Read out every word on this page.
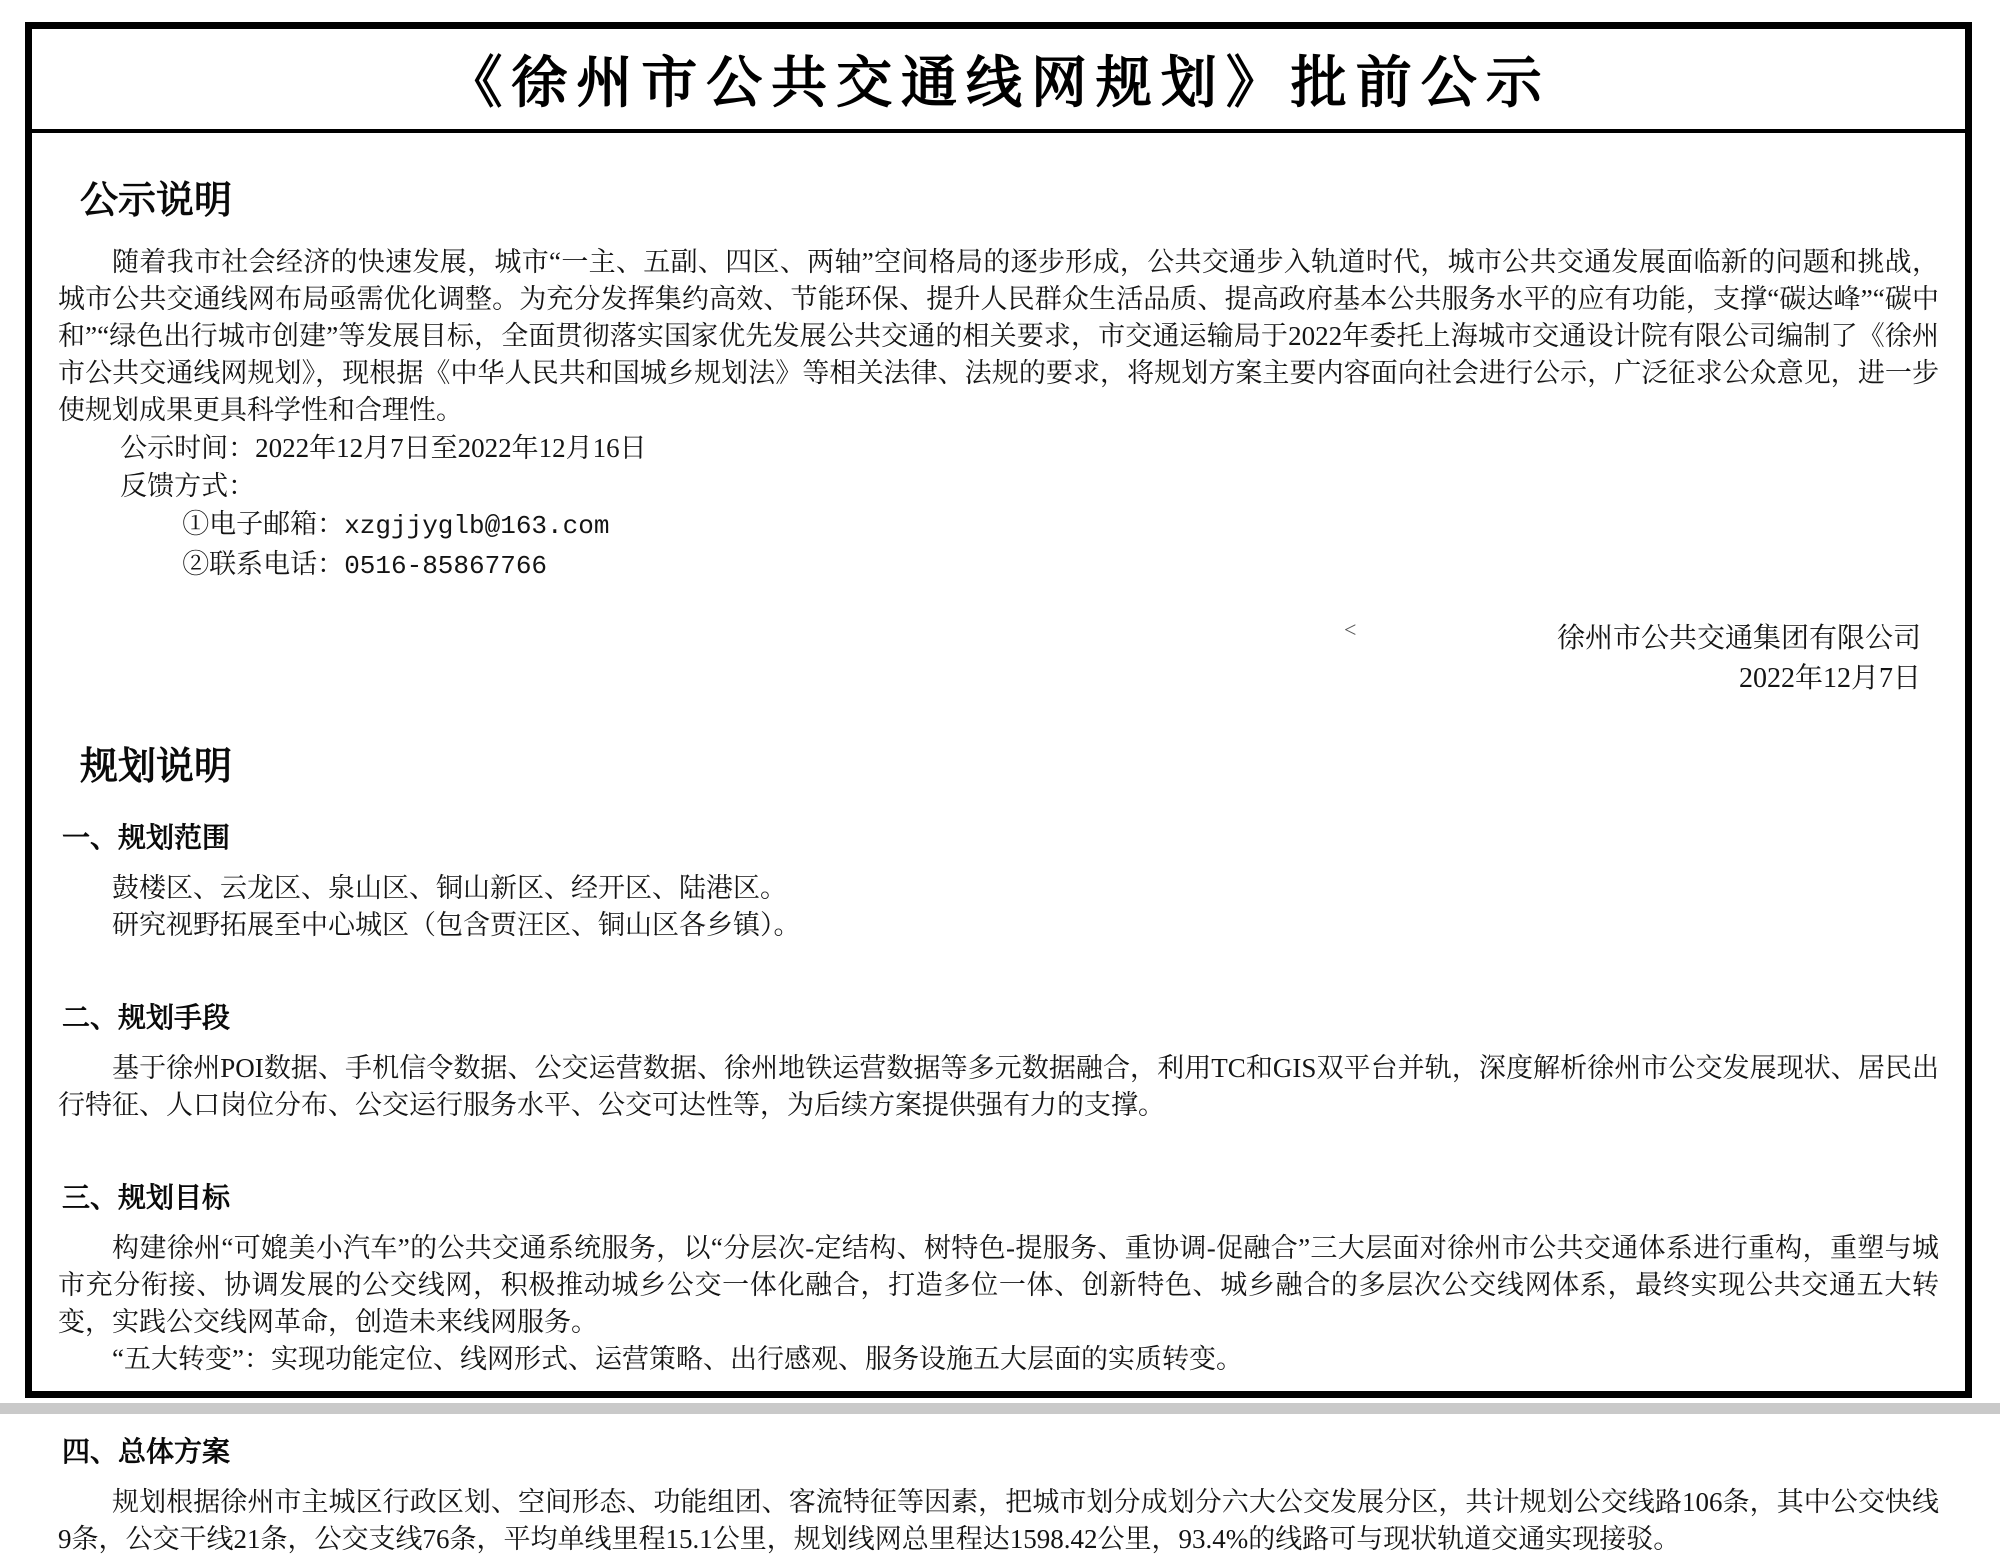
《徐州市公共交通线网规划》批前公示
公示说明

随着我市社会经济的快速发展，城市“一主、五副、四区、两轴”空间格局的逐步形成，公共交通步入轨道时代，城市公共交通发展面临新的问题和挑战，城市公共交通线网布局亟需优化调整。为充分发挥集约高效、节能环保、提升人民群众生活品质、提高政府基本公共服务水平的应有功能，支撑“碳达峰”“碳中和”“绿色出行城市创建”等发展目标，全面贯彻落实国家优先发展公共交通的相关要求，市交通运输局于2022年委托上海城市交通设计院有限公司编制了《徐州市公共交通线网规划》，现根据《中华人民共和国城乡规划法》等相关法律、法规的要求，将规划方案主要内容面向社会进行公示，广泛征求公众意见，进一步使规划成果更具科学性和合理性。

公示时间：2022年12月7日至2022年12月16日

反馈方式：

①电子邮箱：xzgjjyglb@163.com

②联系电话：0516-85867766

<	徐州市公共交通集团有限公司

2022年12月7日

规划说明
一、规划范围

鼓楼区、云龙区、泉山区、铜山新区、经开区、陆港区。

研究视野拓展至中心城区（包含贾汪区、铜山区各乡镇）。

二、规划手段

基于徐州POI数据、手机信令数据、公交运营数据、徐州地铁运营数据等多元数据融合，利用TC和GIS双平台并轨，深度解析徐州市公交发展现状、居民出行特征、人口岗位分布、公交运行服务水平、公交可达性等，为后续方案提供强有力的支撑。

三、规划目标

构建徐州“可媲美小汽车”的公共交通系统服务，以“分层次-定结构、树特色-提服务、重协调-促融合”三大层面对徐州市公共交通体系进行重构，重塑与城市充分衔接、协调发展的公交线网，积极推动城乡公交一体化融合，打造多位一体、创新特色、城乡融合的多层次公交线网体系，最终实现公共交通五大转变，实践公交线网革命，创造未来线网服务。

“五大转变”：实现功能定位、线网形式、运营策略、出行感观、服务设施五大层面的实质转变。

四、总体方案

规划根据徐州市主城区行政区划、空间形态、功能组团、客流特征等因素，把城市划分成划分六大公交发展分区，共计规划公交线路106条，其中公交快线9条，公交干线21条，公交支线76条，平均单线里程15.1公里，规划线网总里程达1598.42公里，93.4%的线路可与现状轨道交通实现接驳。
